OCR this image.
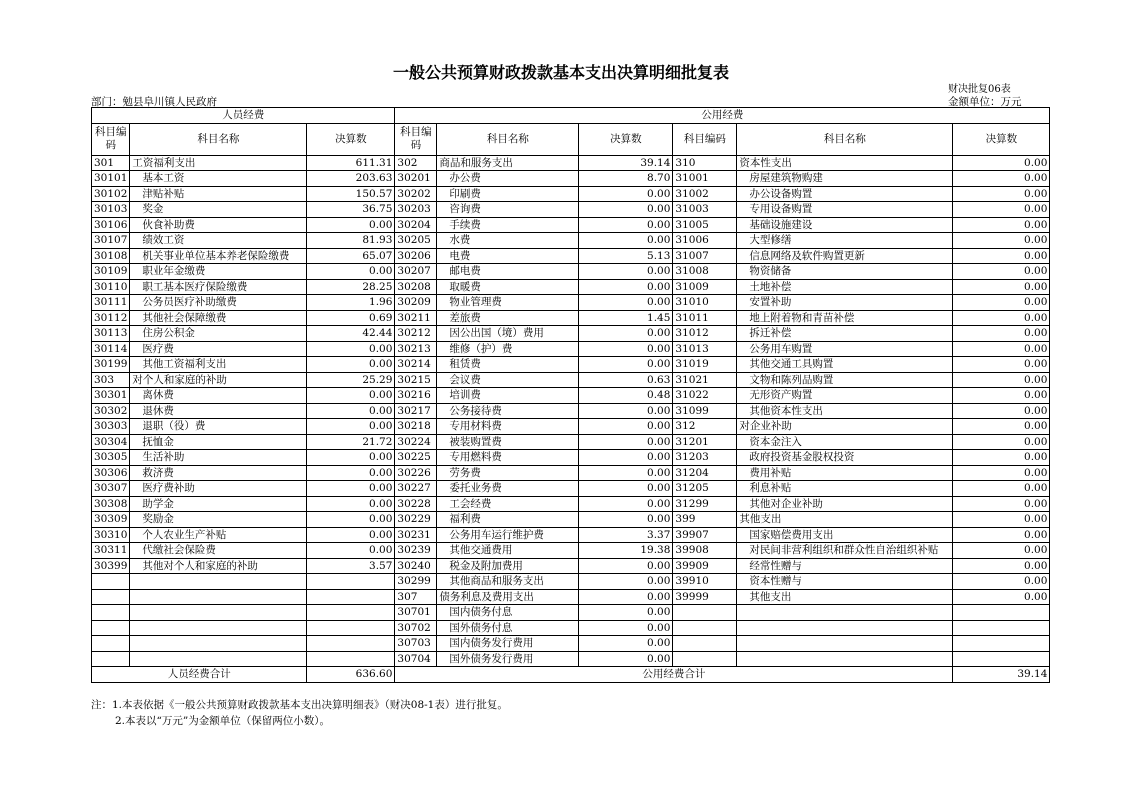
一般公共预算财政拨款基本支出决算明细批复表
财决批复06表
部门：勉县阜川镇人民政府	金额单位：万元
人员经费			公用经费					
科目编码	科目名称	决算数	科目编码	科目名称	决算数	科目编码	科目名称	决算数
301	工资福利支出	611.31	302	商品和服务支出	39.14	310	资本性支出	0.00
30101	基本工资	203.63	30201	办公费	8.70	31001	房屋建筑物购建	0.00
30102	津贴补贴	150.57	30202	印刷费	0.00	31002	办公设备购置	0.00
30103	奖金	36.75	30203	咨询费	0.00	31003	专用设备购置	0.00
30106	伙食补助费	0.00	30204	手续费	0.00	31005	基础设施建设	0.00
30107	绩效工资	81.93	30205	水费	0.00	31006	大型修缮	0.00
30108	机关事业单位基本养老保险缴费	65.07	30206	电费	5.13	31007	信息网络及软件购置更新	0.00
30109	职业年金缴费	0.00	30207	邮电费	0.00	31008	物资储备	0.00
30110	职工基本医疗保险缴费	28.25	30208	取暖费	0.00	31009	土地补偿	0.00
30111	公务员医疗补助缴费	1.96	30209	物业管理费	0.00	31010	安置补助	0.00
30112	其他社会保障缴费	0.69	30211	差旅费	1.45	31011	地上附着物和青苗补偿	0.00
30113	住房公积金	42.44	30212	因公出国（境）费用	0.00	31012	拆迁补偿	0.00
30114	医疗费	0.00	30213	维修（护）费	0.00	31013	公务用车购置	0.00
30199	其他工资福利支出	0.00	30214	租赁费	0.00	31019	其他交通工具购置	0.00
303	对个人和家庭的补助	25.29	30215	会议费	0.63	31021	文物和陈列品购置	0.00
30301	离休费	0.00	30216	培训费	0.48	31022	无形资产购置	0.00
30302	退休费	0.00	30217	公务接待费	0.00	31099	其他资本性支出	0.00
30303	退职（役）费	0.00	30218	专用材料费	0.00	312	对企业补助	0.00
30304	抚恤金	21.72	30224	被装购置费	0.00	31201	资本金注入	0.00
30305	生活补助	0.00	30225	专用燃料费	0.00	31203	政府投资基金股权投资	0.00
30306	救济费	0.00	30226	劳务费	0.00	31204	费用补贴	0.00
30307	医疗费补助	0.00	30227	委托业务费	0.00	31205	利息补贴	0.00
30308	助学金	0.00	30228	工会经费	0.00	31299	其他对企业补助	0.00
30309	奖励金	0.00	30229	福利费	0.00	399	其他支出	0.00
30310	个人农业生产补贴	0.00	30231	公务用车运行维护费	3.37	39907	国家赔偿费用支出	0.00
30311	代缴社会保险费	0.00	30239	其他交通费用	19.38	39908	对民间非营利组织和群众性自治组织补贴	0.00
30399	其他对个人和家庭的补助	3.57	30240	税金及附加费用	0.00	39909	经常性赠与	0.00
			30299	其他商品和服务支出	0.00	39910	资本性赠与	0.00
			307	债务利息及费用支出	0.00	39999	其他支出	0.00
			30701	国内债务付息	0.00			
			30702	国外债务付息	0.00			
			30703	国内债务发行费用	0.00			
			30704	国外债务发行费用	0.00			
人员经费合计		636.60	公用经费合计					39.14
注：1.本表依据《一般公共预算财政拨款基本支出决算明细表》（财决08-1表）进行批复。
2.本表以“万元”为金额单位（保留两位小数）。
